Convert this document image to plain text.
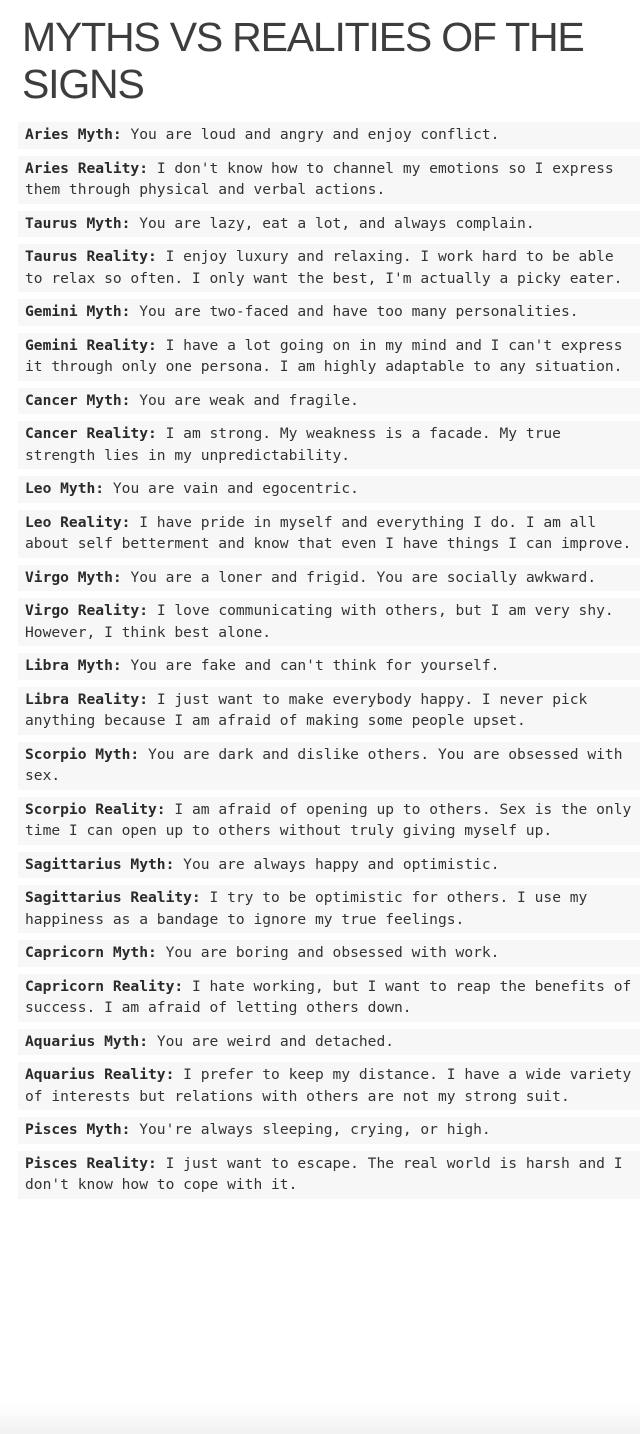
MYTHS VS REALITIES OF THE SIGNS
Aries Myth: You are loud and angry and enjoy conflict.
Aries Reality: I don't know how to channel my emotions so I express them through physical and verbal actions.
Taurus Myth: You are lazy, eat a lot, and always complain.
Taurus Reality: I enjoy luxury and relaxing. I work hard to be able to relax so often. I only want the best, I'm actually a picky eater.
Gemini Myth: You are two-faced and have too many personalities.
Gemini Reality: I have a lot going on in my mind and I can't express it through only one persona. I am highly adaptable to any situation.
Cancer Myth: You are weak and fragile.
Cancer Reality: I am strong. My weakness is a facade. My true strength lies in my unpredictability.
Leo Myth: You are vain and egocentric.
Leo Reality: I have pride in myself and everything I do. I am all about self betterment and know that even I have things I can improve.
Virgo Myth: You are a loner and frigid. You are socially awkward.
Virgo Reality: I love communicating with others, but I am very shy. However, I think best alone.
Libra Myth: You are fake and can't think for yourself.
Libra Reality: I just want to make everybody happy. I never pick anything because I am afraid of making some people upset.
Scorpio Myth: You are dark and dislike others. You are obsessed with sex.
Scorpio Reality: I am afraid of opening up to others. Sex is the only time I can open up to others without truly giving myself up.
Sagittarius Myth: You are always happy and optimistic.
Sagittarius Reality: I try to be optimistic for others. I use my happiness as a bandage to ignore my true feelings.
Capricorn Myth: You are boring and obsessed with work.
Capricorn Reality: I hate working, but I want to reap the benefits of success. I am afraid of letting others down.
Aquarius Myth: You are weird and detached.
Aquarius Reality: I prefer to keep my distance. I have a wide variety of interests but relations with others are not my strong suit.
Pisces Myth: You're always sleeping, crying, or high.
Pisces Reality: I just want to escape. The real world is harsh and I don't know how to cope with it.
